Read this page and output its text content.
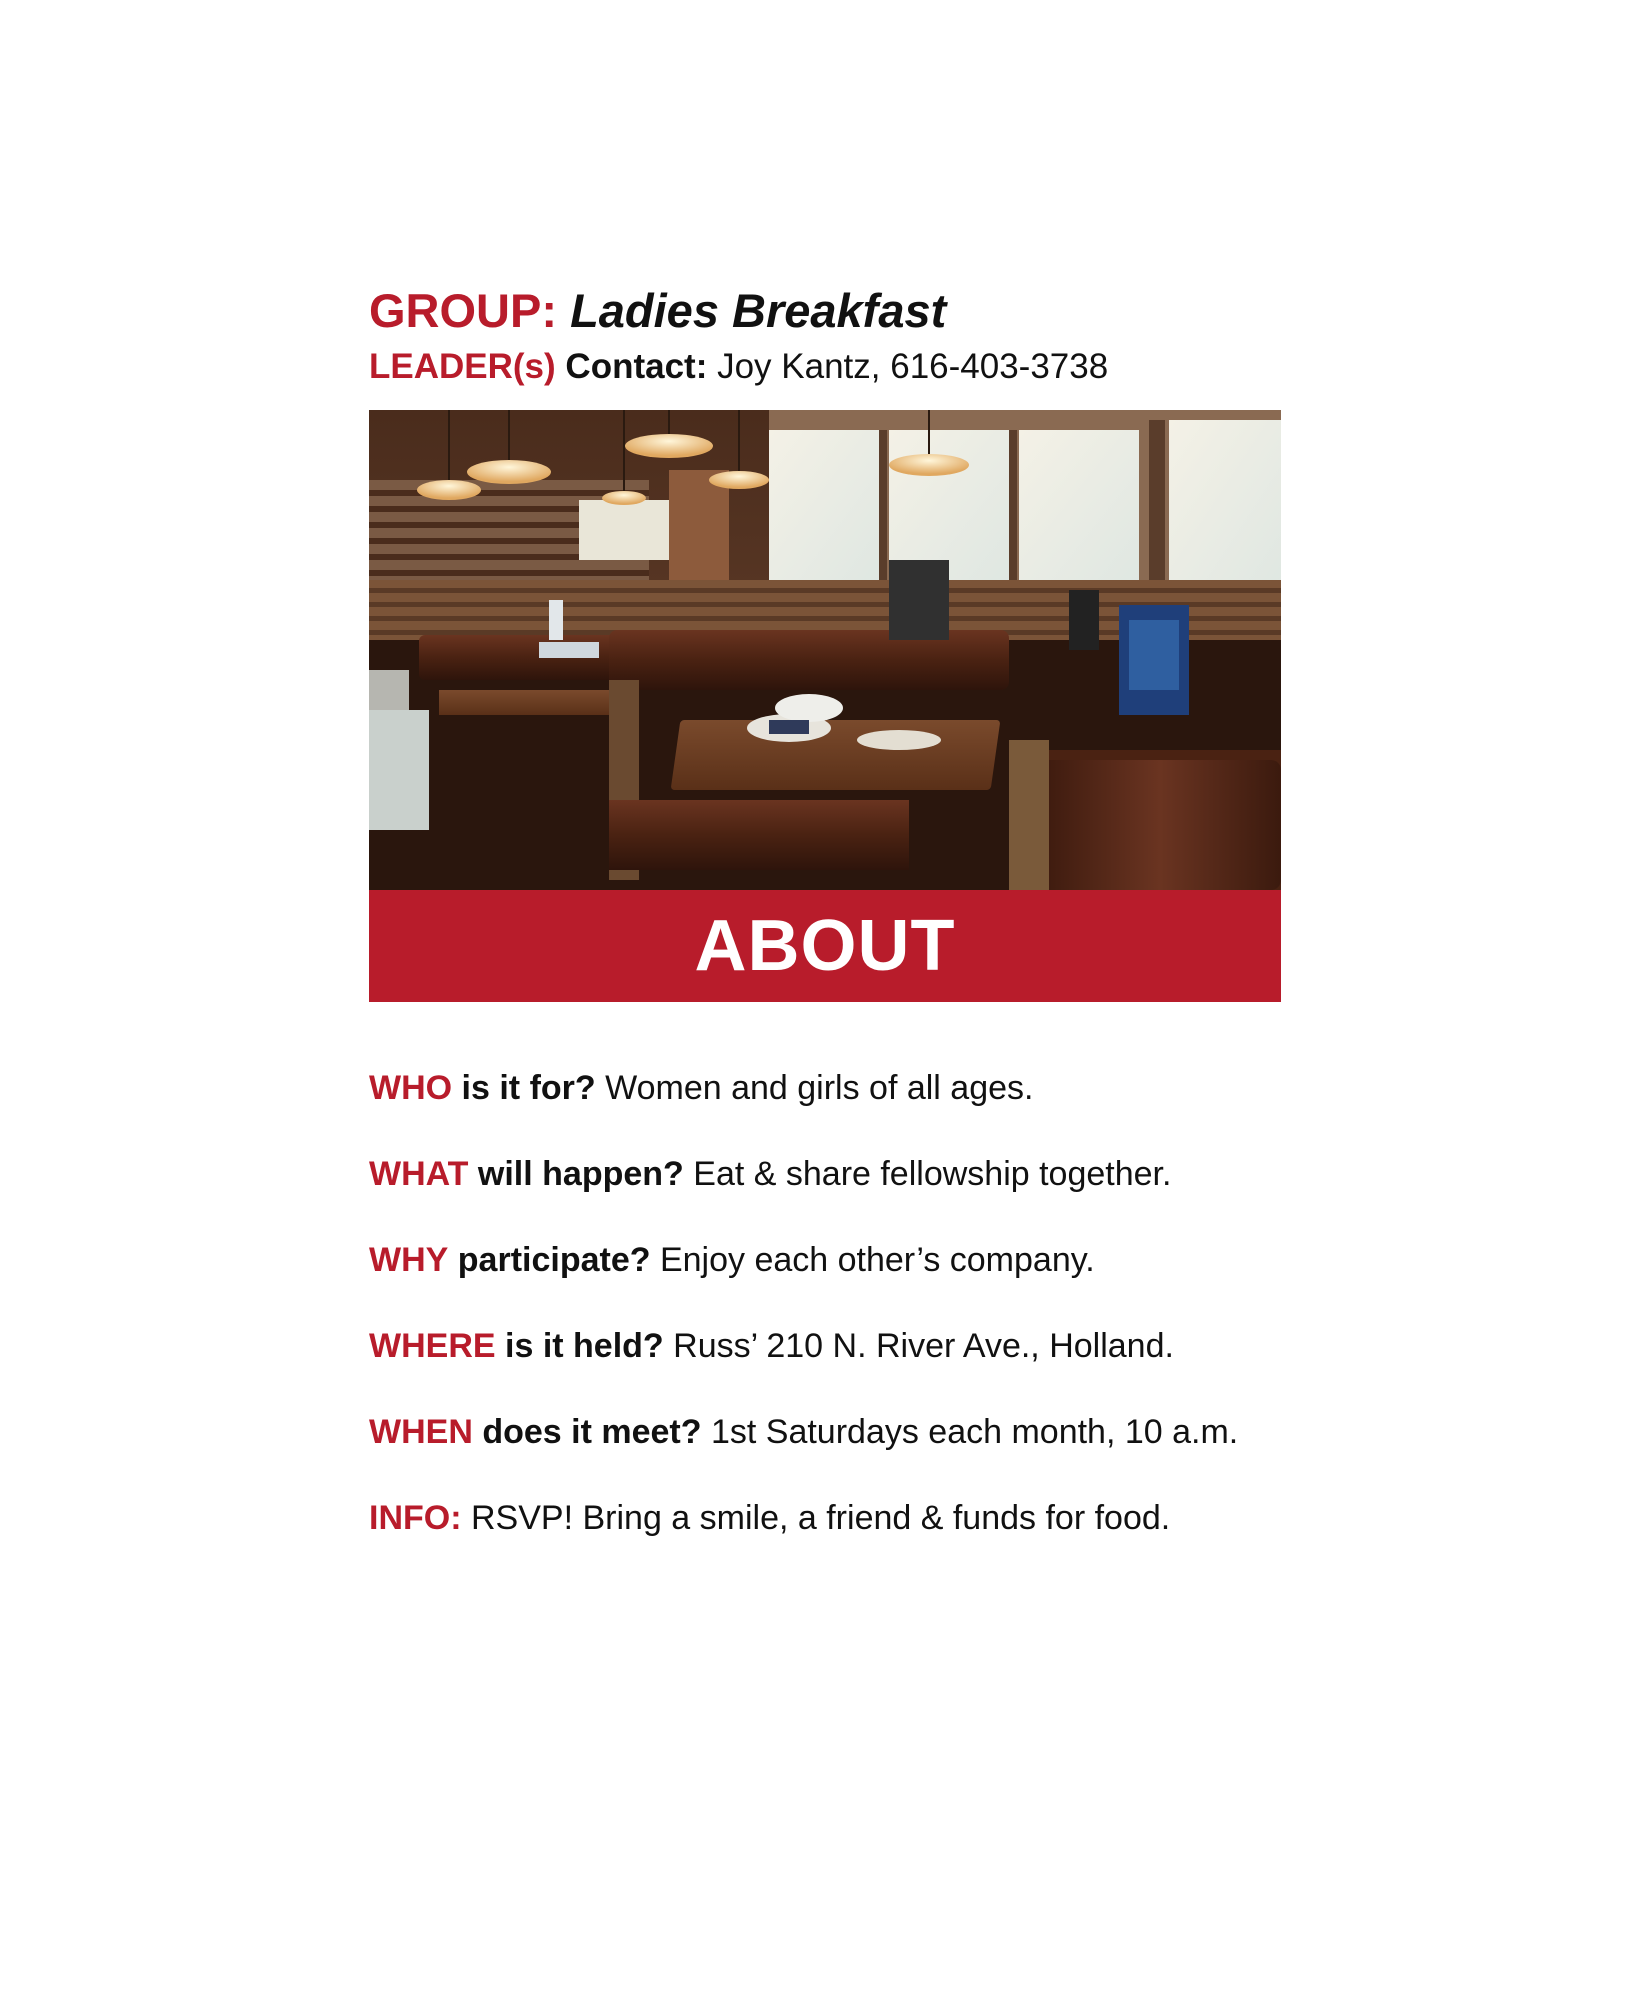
GROUP: Ladies Breakfast
LEADER(s) Contact: Joy Kantz, 616-403-3738
ABOUT
WHO is it for? Women and girls of all ages.
WHAT will happen? Eat & share fellowship together.
WHY participate? Enjoy each other’s company.
WHERE is it held? Russ’ 210 N. River Ave., Holland.
WHEN does it meet? 1st Saturdays each month, 10 a.m.
INFO: RSVP! Bring a smile, a friend & funds for food.
